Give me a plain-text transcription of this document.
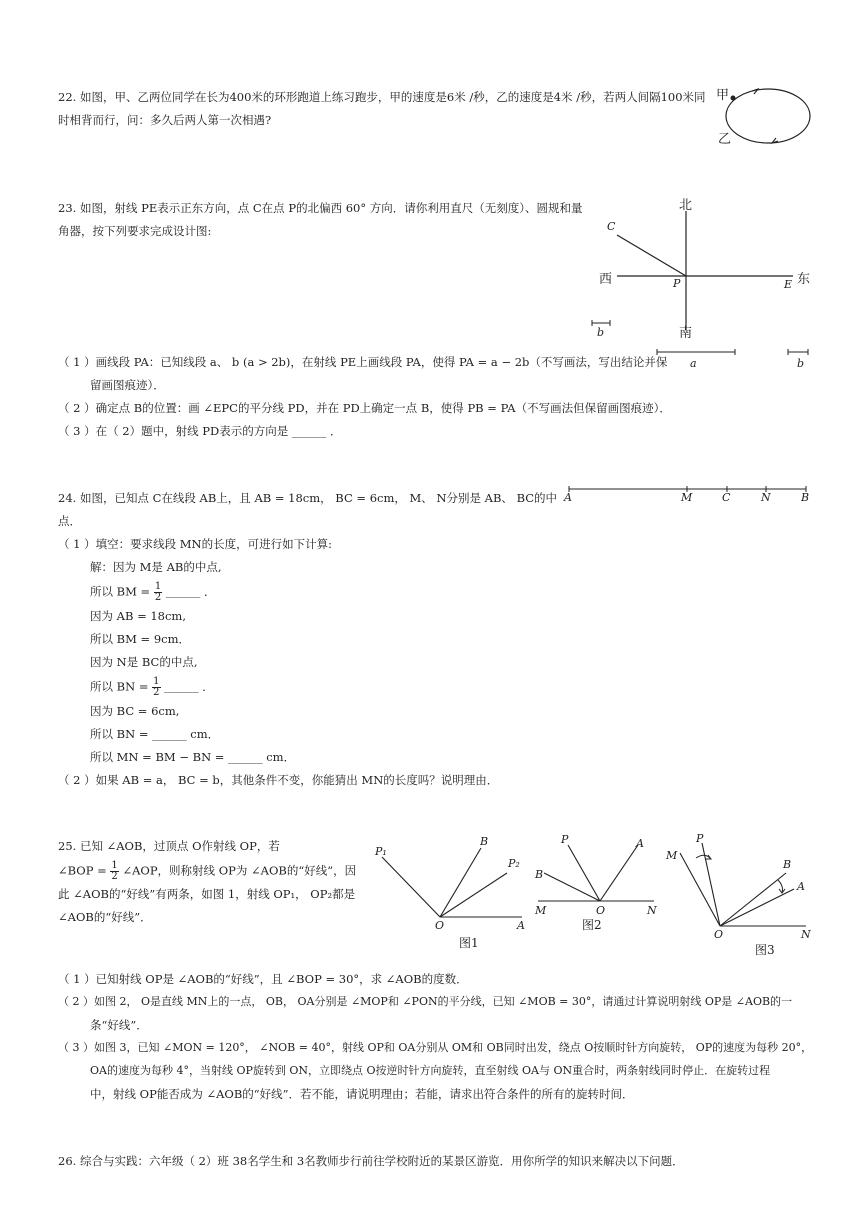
22. 如图，甲、乙两位同学在长为400米的环形跑道上练习跑步，甲的速度是6米 /秒，乙的速度是4米 /秒，若两人间隔100米同
时相背而行，问：多久后两人第一次相遇?
甲
乙
23. 如图，射线 PE表示正东方向，点 C在点 P的北偏西 60° 方向．请你利用直尺（无刻度）、圆规和量
角器，按下列要求完成设计图:
北
南
西	东
C
P	E
b
a	b
（ 1 ）画线段 PA：已知线段 a、 b (a > 2b)，在射线 PE上画线段 PA，使得 PA = a − 2b（不写画法，写出结论并保
留画图痕迹）．
（ 2 ）确定点 B的位置：画 ∠EPC的平分线 PD，并在 PD上确定一点 B，使得 PB = PA（不写画法但保留画图痕迹）．
（ 3 ）在（ 2）题中，射线 PD表示的方向是 ______ ．
24. 如图，已知点 C在线段 AB上，且 AB = 18cm， BC = 6cm， M、 N分别是 AB、 BC的中
点．
A	M	C	N	B
（ 1 ）填空：要求线段 MN的长度，可进行如下计算:
解：因为 M是 AB的中点,
所以 BM = $\frac{1}{2}$ ______ ．
因为 AB = 18cm,
所以 BM = 9cm．
因为 N是 BC的中点,
所以 BN = $\frac{1}{2}$ ______ ．
因为 BC = 6cm,
所以 BN = ______ cm．
所以 MN = BM − BN = ______ cm．
（ 2 ）如果 AB = a， BC = b，其他条件不变，你能猜出 MN的长度吗？说明理由．
25. 已知 ∠AOB，过顶点 O作射线 OP，若
∠BOP = $\frac{1}{2}$ ∠AOP，则称射线 OP为 ∠AOB的“好线”，因
此 ∠AOB的“好线”有两条，如图 1，射线 OP₁， OP₂都是
∠AOB的“好线”．
P₁
B
P₂
O	A
图1
P	A
B
M	O	N
图2
P
M
B
A
O	N
图3
（ 1 ）已知射线 OP是 ∠AOB的“好线”，且 ∠BOP = 30°，求 ∠AOB的度数．
（ 2 ）如图 2， O是直线 MN上的一点， OB， OA分别是 ∠MOP和 ∠PON的平分线，已知 ∠MOB = 30°，请通过计算说明射线 OP是 ∠AOB的一
条“好线”．
（ 3 ）如图 3，已知 ∠MON = 120°， ∠NOB = 40°，射线 OP和 OA分别从 OM和 OB同时出发，绕点 O按顺时针方向旋转， OP的速度为每秒 20°，
OA的速度为每秒 4°，当射线 OP旋转到 ON，立即绕点 O按逆时针方向旋转，直至射线 OA与 ON重合时，两条射线同时停止．在旋转过程
中，射线 OP能否成为 ∠AOB的“好线”．若不能，请说明理由；若能，请求出符合条件的所有的旋转时间．
26. 综合与实践：六年级（ 2）班 38名学生和 3名教师步行前往学校附近的某景区游览．用你所学的知识来解决以下问题．
